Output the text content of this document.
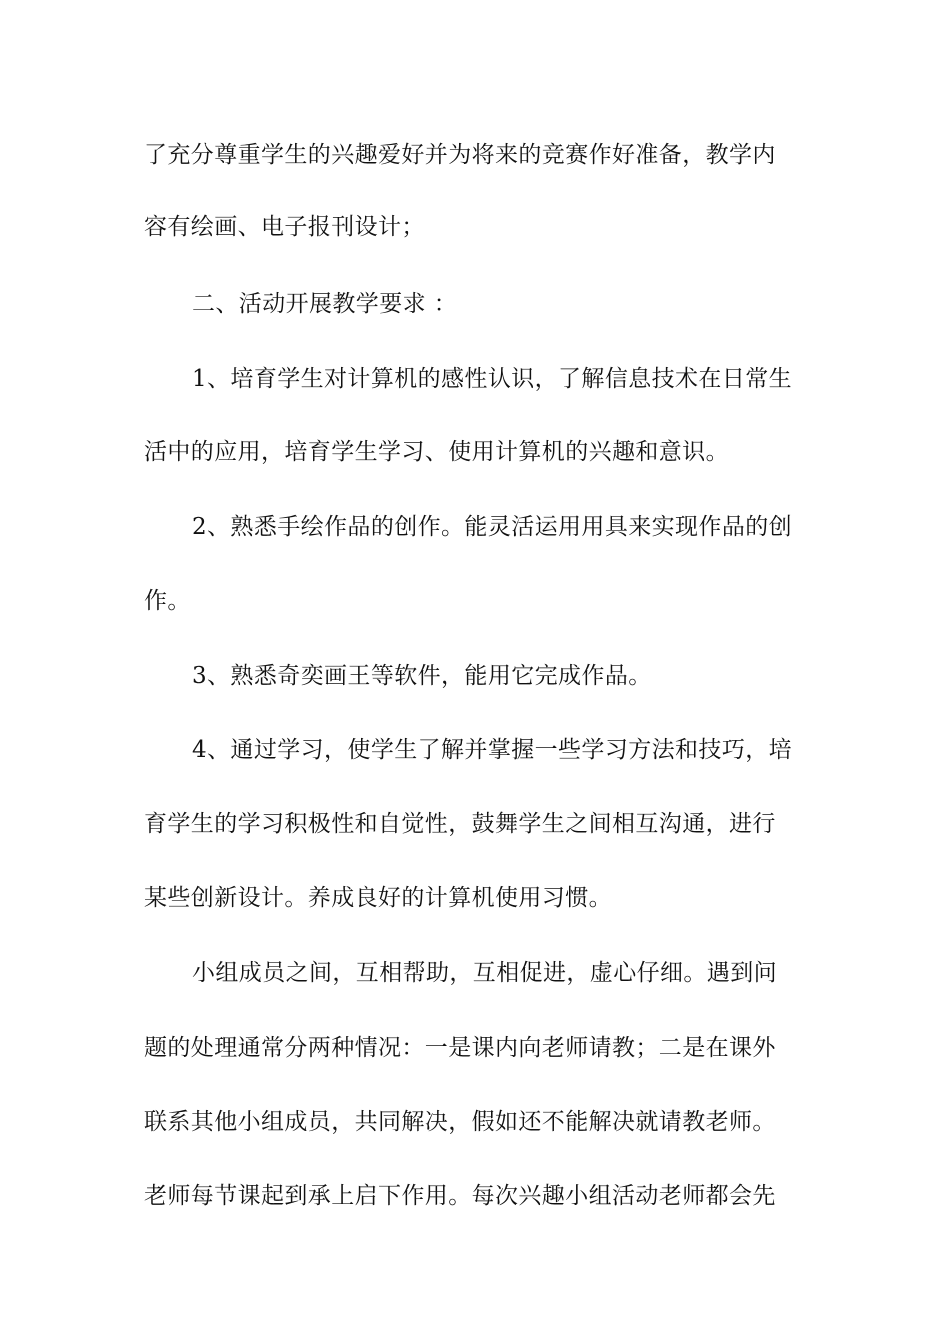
了充分尊重学生的兴趣爱好并为将来的竞赛作好准备，教学内
容有绘画、电子报刊设计；
二、活动开展教学要求 ：
1、培育学生对计算机的感性认识，了解信息技术在日常生
活中的应用，培育学生学习、使用计算机的兴趣和意识。
2、熟悉手绘作品的创作。能灵活运用用具来实现作品的创
作。
3、熟悉奇奕画王等软件，能用它完成作品。
4、通过学习，使学生了解并掌握一些学习方法和技巧，培
育学生的学习积极性和自觉性，鼓舞学生之间相互沟通，进行
某些创新设计。养成良好的计算机使用习惯。
小组成员之间，互相帮助，互相促进，虚心仔细。遇到问
题的处理通常分两种情况：一是课内向老师请教；二是在课外
联系其他小组成员，共同解决，假如还不能解决就请教老师。
老师每节课起到承上启下作用。每次兴趣小组活动老师都会先
